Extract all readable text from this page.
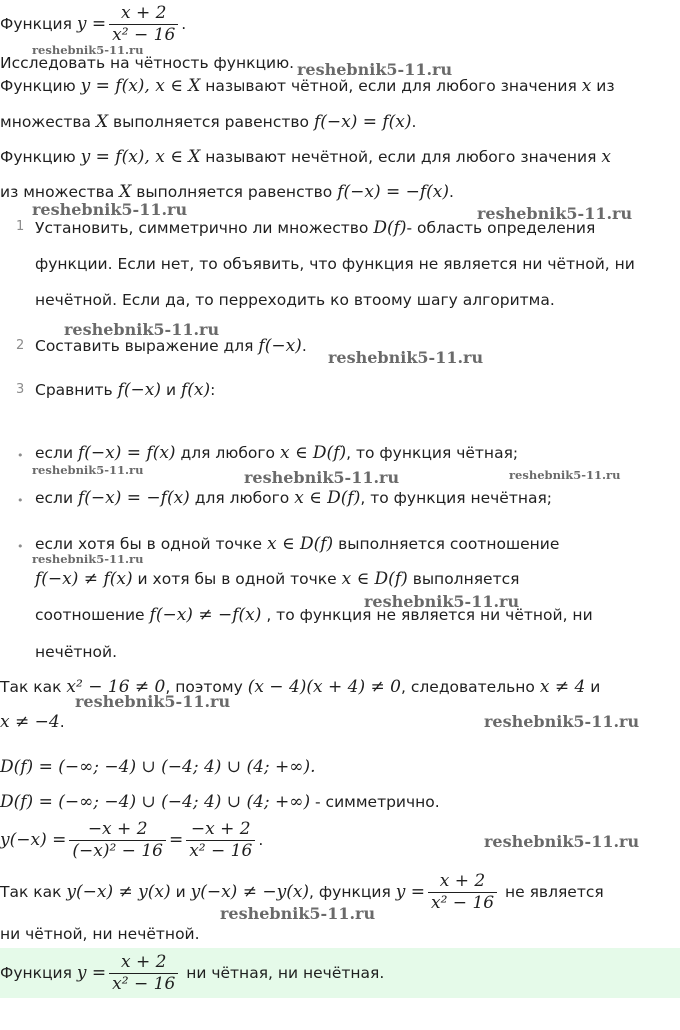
Функция
$y = \frac{x + 2}{\text{x² − 16}}$ .
Исследовать на чётность функцию.
Функцию y = f(x), x ∈ X называют чётной, если для любого значения x из
множества X выполняется равенство f(−x) = f(x).
Функцию y = f(x), x ∈ X называют нечётной, если для любого значения x
из множества X выполняется равенство f(−x) = −f(x).
1 Установить, симметрично ли множество D(f)- область определения
функции. Если нет, то объявить, что функция не является ни чётной, ни
нечётной. Если да, то перреходить ко втоому шагу алгоритма.
2 Составить выражение для f(−x).
3 Сравнить f(−x) и f(x):
• если f(−x) = f(x) для любого x ∈ D(f), то функция чётная;
• если f(−x) = −f(x) для любого x ∈ D(f), то функция нечётная;
• если хотя бы в одной точке x ∈ D(f) выполняется соотношение
f(−x) ≠ f(x) и хотя бы в одной точке x ∈ D(f) выполняется
соотношение f(−x) ≠ −f(x) , то функция не является ни чётной, ни
нечётной.
Так как x² − 16 ≠ 0, поэтому (x − 4)(x + 4) ≠ 0, следовательно x ≠ 4 и
x ≠ −4.
D(f) = (−∞; −4) ∪ (−4; 4) ∪ (4; +∞).
D(f) = (−∞; −4) ∪ (−4; 4) ∪ (4; +∞) - симметрично.
$y(-x) = \frac{-x + 2}{\text{(−x)² − 16}} = \frac{-x + 2}{\text{x² − 16}}$ .
Так как
y(−x) ≠ y(x)
и
y(−x) ≠ −y(x) , функция
$y = \frac{x + 2}{\text{x² − 16}}$
не является
ни чётной, ни нечётной.
Функция
$y = \frac{x + 2}{\text{x² − 16}}$
ни чётная, ни нечётная.
reshebnik5-11.ru
reshebnik5-11.ru
reshebnik5-11.ru	reshebnik5-11.ru
reshebnik5-11.ru
reshebnik5-11.ru
reshebnik5-11.ru	reshebnik5-11.ru	reshebnik5-11.ru
reshebnik5-11.ru
reshebnik5-11.ru
reshebnik5-11.ru
reshebnik5-11.ru
reshebnik5-11.ru
reshebnik5-11.ru
